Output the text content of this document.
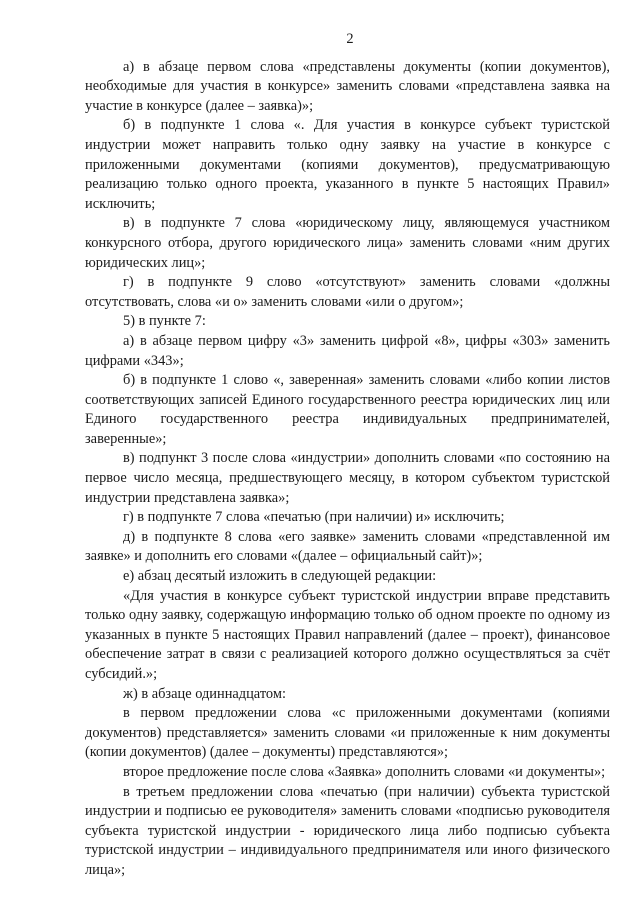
2

а) в абзаце первом слова «представлены документы (копии документов), необходимые для участия в конкурсе» заменить словами «представлена заявка на участие в конкурсе (далее – заявка)»;

б) в подпункте 1 слова «. Для участия в конкурсе субъект туристской индустрии может направить только одну заявку на участие в конкурсе с приложенными документами (копиями документов), предусматривающую реализацию только одного проекта, указанного в пункте 5 настоящих Правил» исключить;

в) в подпункте 7 слова «юридическому лицу, являющемуся участником конкурсного отбора, другого юридического лица» заменить словами «ним других юридических лиц»;

г) в подпункте 9 слово «отсутствуют» заменить словами «должны отсутствовать, слова «и о» заменить словами «или о другом»;

5) в пункте 7:

а) в абзаце первом цифру «3» заменить цифрой «8», цифры «303» заменить цифрами «343»;

б) в подпункте 1 слово «, заверенная» заменить словами «либо копии листов соответствующих записей Единого государственного реестра юридических лиц или Единого государственного реестра индивидуальных предпринимателей, заверенные»;

в) подпункт 3 после слова «индустрии» дополнить словами «по состоянию на первое число месяца, предшествующего месяцу, в котором субъектом туристской индустрии представлена заявка»;

г) в подпункте 7 слова «печатью (при наличии) и» исключить;

д) в подпункте 8 слова «его заявке» заменить словами «представленной им заявке» и дополнить его словами «(далее – официальный сайт)»;

е) абзац десятый изложить в следующей редакции:

«Для участия в конкурсе субъект туристской индустрии вправе представить только одну заявку, содержащую информацию только об одном проекте по одному из указанных в пункте 5 настоящих Правил направлений (далее – проект), финансовое обеспечение затрат в связи с реализацией которого должно осуществляться за счёт субсидий.»;

ж) в абзаце одиннадцатом:

в первом предложении слова «с приложенными документами (копиями документов) представляется» заменить словами «и приложенные к ним документы (копии документов) (далее – документы) представляются»;

второе предложение после слова «Заявка» дополнить словами «и документы»;

в третьем предложении слова «печатью (при наличии) субъекта туристской индустрии и подписью ее руководителя» заменить словами «подписью руководителя субъекта туристской индустрии - юридического лица либо подписью субъекта туристской индустрии – индивидуального предпринимателя или иного физического лица»;
